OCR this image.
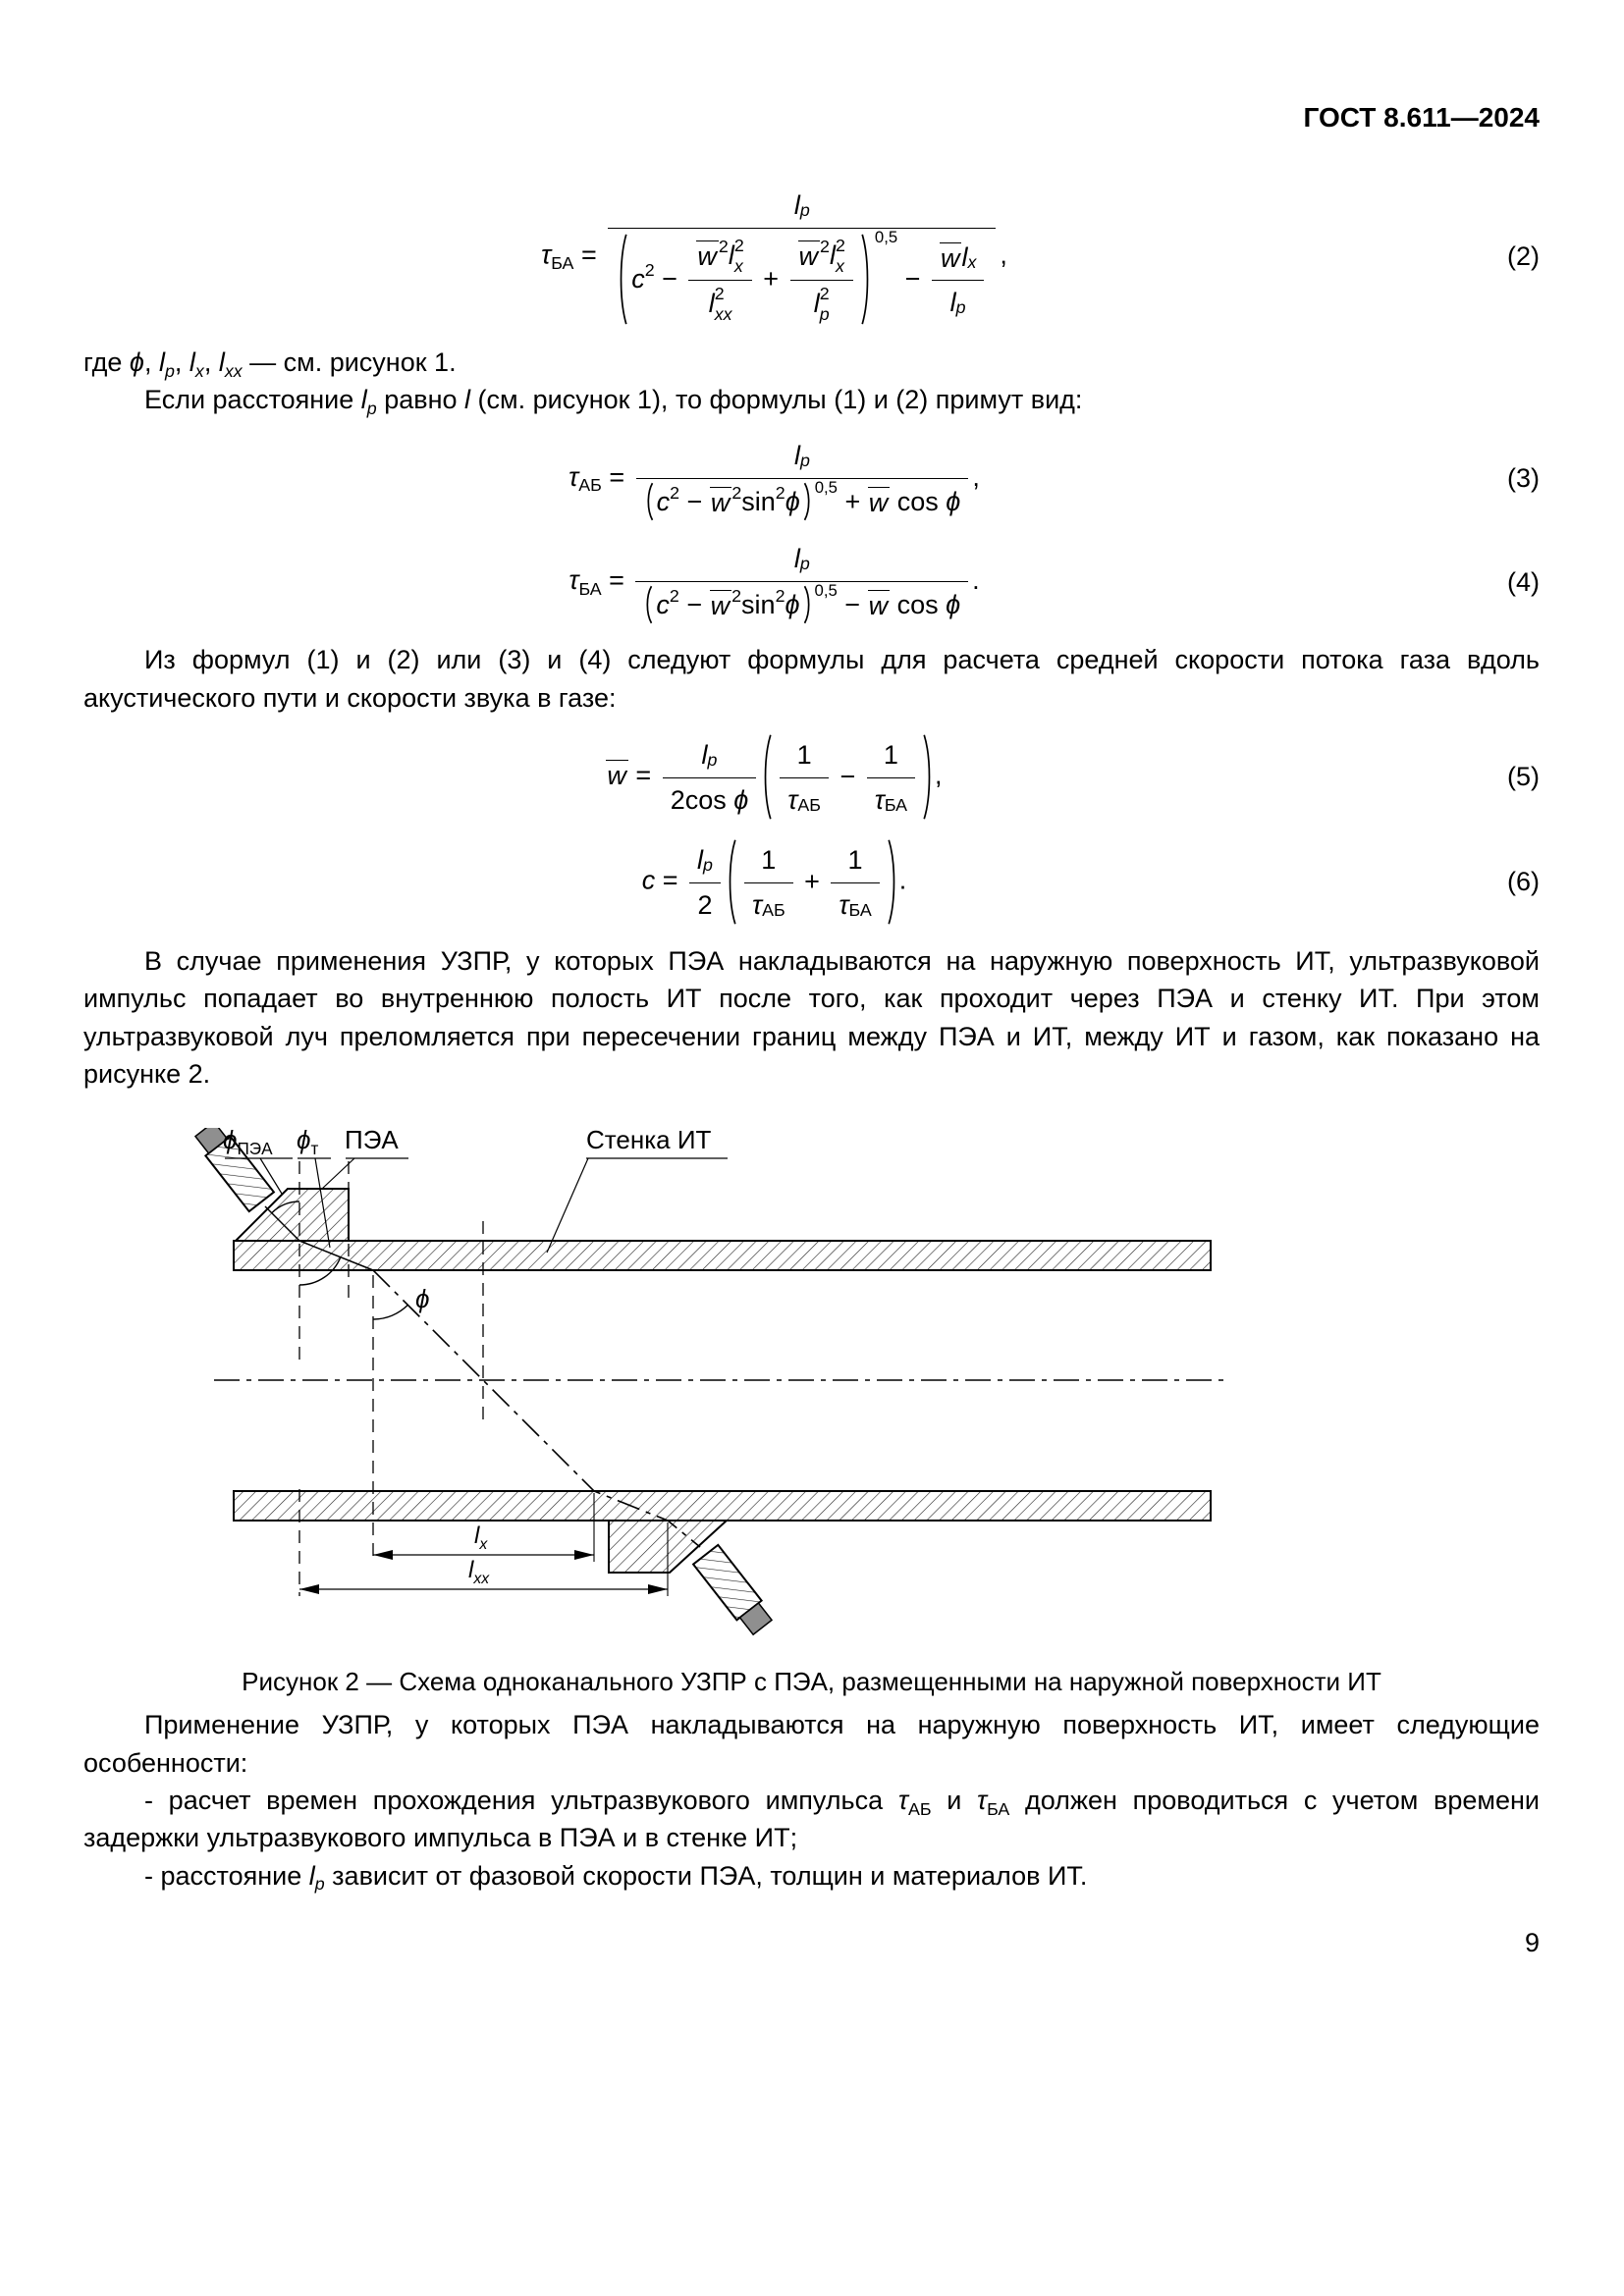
ГОСТ 8.611—2024
$\tau_{БА}$ =
l p
c 2 − w 2 l 2
x
l 2
xx + w 2 l 2
x
l 2
p 0,5
−
w l x
l p
,	(2)

где ϕ, $l_p$, $l_x$, $l_{xx}$ — см. рисунок 1.

Если расстояние $l_p$ равно l (см. рисунок 1), то формулы (1) и (2) примут вид:

$\tau_{АБ} = \frac{\text{l p}}{\text{c 2 − w 2 sin 2 ϕ 0,5 + w cos ϕ}}$ ,	(3)
$\tau_{БА} = \frac{\text{l p}}{\text{c 2 − w 2 sin 2 ϕ 0,5 − w cos ϕ}}$ .	(4)

Из формул (1) и (2) или (3) и (4) следуют формулы для расчета средней скорости потока газа вдоль акустического пути и скорости звука в газе:

$w = \frac{\text{l p}}{\text{2cos ϕ}} 1$
τ АБ
−
1
τ БА
,	(5)
$c = \frac{\text{l p}}{2} 1$
τ АБ
+
1
τ БА
.	(6)

В случае применения УЗПР, у которых ПЭА накладываются на наружную поверхность ИТ, ультразвуковой импульс попадает во внутреннюю полость ИТ после того, как проходит через ПЭА и стенку ИТ. При этом ультразвуковой луч преломляется при пересечении границ между ПЭА и ИТ, между ИТ и газом, как показано на рисунке 2.

$\phi_{ПЭА}$ $\phi_т$ ПЭА	Стенка ИТ
ϕ
$l_x$
$l_{xx}$
Рисунок 2 — Схема одноканального УЗПР с ПЭА, размещенными на наружной поверхности ИТ

Применение УЗПР, у которых ПЭА накладываются на наружную поверхность ИТ, имеет следующие особенности:

- расчет времен прохождения ультразвукового импульса $\tau_{АБ}$ и $\tau_{БА}$ должен проводиться с учетом времени задержки ультразвукового импульса в ПЭА и в стенке ИТ;

- расстояние $l_p$ зависит от фазовой скорости ПЭА, толщин и материалов ИТ.

9
